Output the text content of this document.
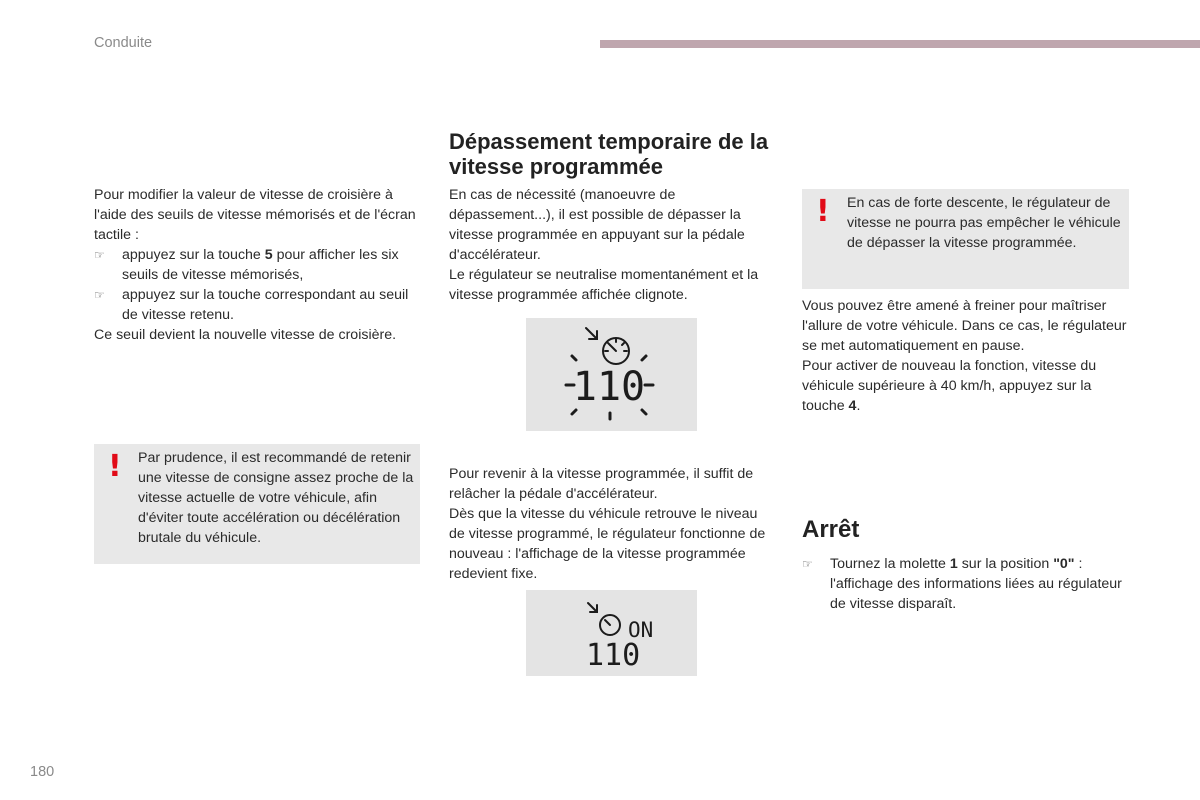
Conduite

Pour modifier la valeur de vitesse de croisière à l'aide des seuils de vitesse mémorisés et de l'écran tactile :

☞ appuyez sur la touche 5 pour afficher les six seuils de vitesse mémorisés,
☞ appuyez sur la touche correspondant au seuil de vitesse retenu.

Ce seuil devient la nouvelle vitesse de croisière.

! Par prudence, il est recommandé de retenir une vitesse de consigne assez proche de la vitesse actuelle de votre véhicule, afin d'éviter toute accélération ou décélération brutale du véhicule.
Dépassement temporaire de la vitesse programmée

En cas de nécessité (manoeuvre de dépassement...), il est possible de dépasser la vitesse programmée en appuyant sur la pédale d'accélérateur.

Le régulateur se neutralise momentanément et la vitesse programmée affichée clignote.

110

Pour revenir à la vitesse programmée, il suffit de relâcher la pédale d'accélérateur.

Dès que la vitesse du véhicule retrouve le niveau de vitesse programmé, le régulateur fonctionne de nouveau : l'affichage de la vitesse programmée redevient fixe.

ON
110
! En cas de forte descente, le régulateur de vitesse ne pourra pas empêcher le véhicule de dépasser la vitesse programmée.

Vous pouvez être amené à freiner pour maîtriser l'allure de votre véhicule. Dans ce cas, le régulateur se met automatiquement en pause.

Pour activer de nouveau la fonction, vitesse du véhicule supérieure à 40 km/h, appuyez sur la touche 4.

Arrêt
☞ Tournez la molette 1 sur la position "0" : l'affichage des informations liées au régulateur de vitesse disparaît.
180
